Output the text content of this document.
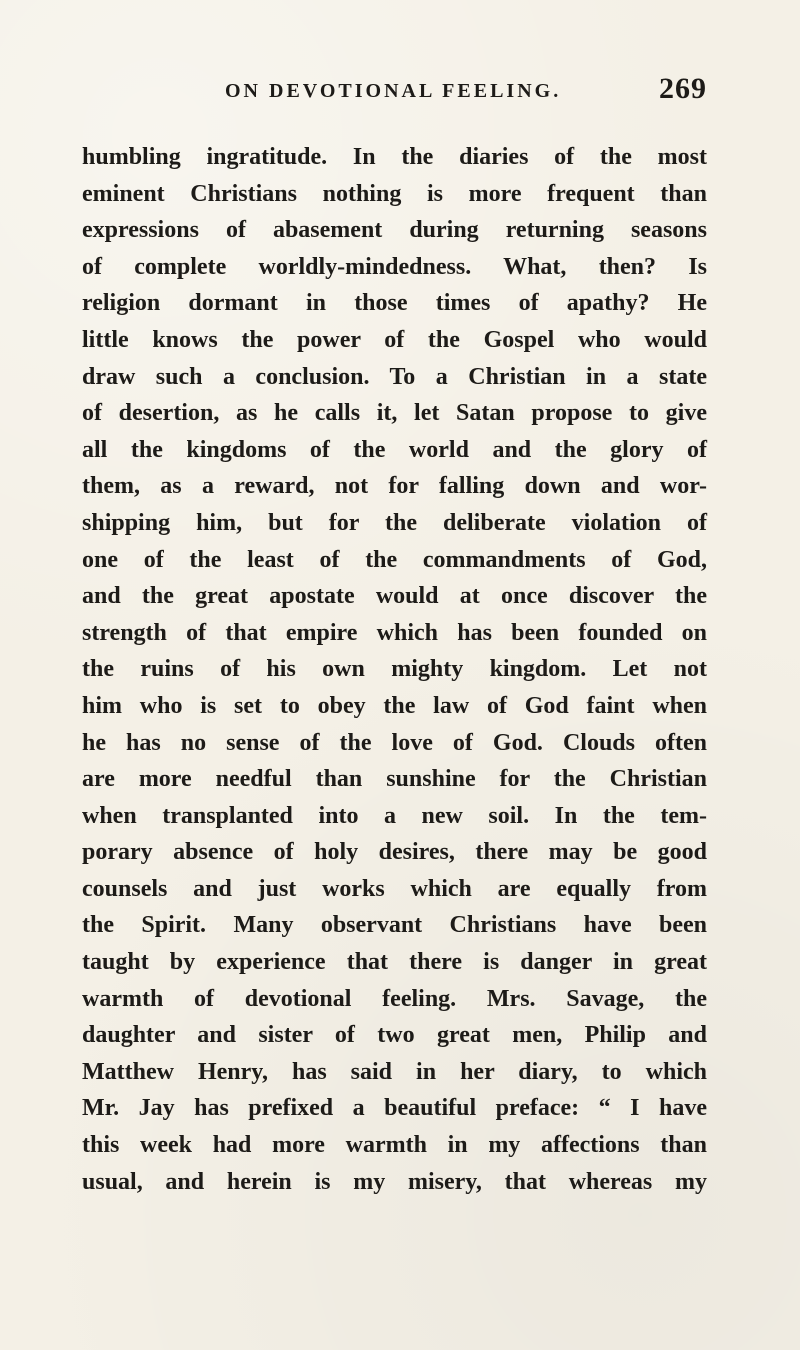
ON DEVOTIONAL FEELING.	269
humbling ingratitude. In the diaries of the most
eminent Christians nothing is more frequent than
expressions of abasement during returning seasons
of complete worldly-mindedness. What, then? Is
religion dormant in those times of apathy? He
little knows the power of the Gospel who would
draw such a conclusion. To a Christian in a state
of desertion, as he calls it, let Satan propose to give
all the kingdoms of the world and the glory of
them, as a reward, not for falling down and wor-
shipping him, but for the deliberate violation of
one of the least of the commandments of God,
and the great apostate would at once discover the
strength of that empire which has been founded on
the ruins of his own mighty kingdom. Let not
him who is set to obey the law of God faint when
he has no sense of the love of God. Clouds often
are more needful than sunshine for the Christian
when transplanted into a new soil. In the tem-
porary absence of holy desires, there may be good
counsels and just works which are equally from
the Spirit. Many observant Christians have been
taught by experience that there is danger in great
warmth of devotional feeling. Mrs. Savage, the
daughter and sister of two great men, Philip and
Matthew Henry, has said in her diary, to which
Mr. Jay has prefixed a beautiful preface: “ I have
this week had more warmth in my affections than
usual, and herein is my misery, that whereas my
